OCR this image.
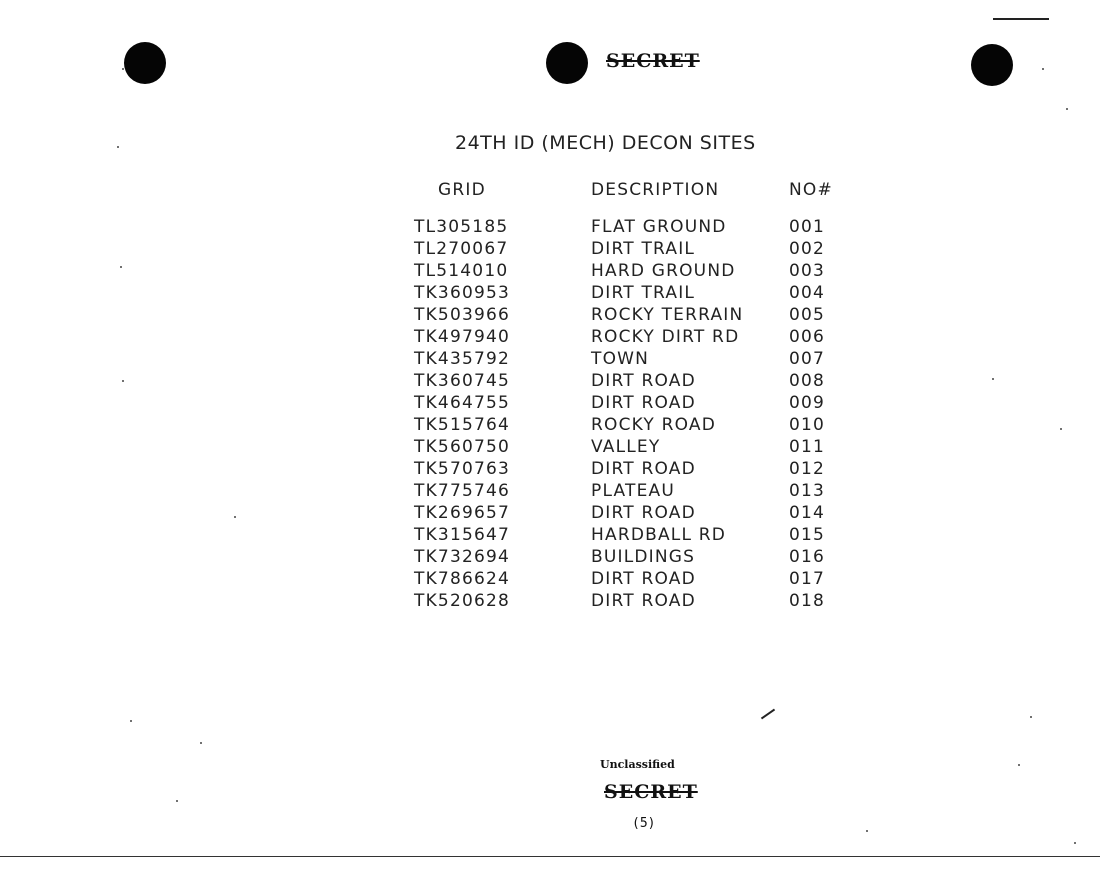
SECRET
24TH ID (MECH) DECON SITES
GRID	DESCRIPTION	NO#
TL305185	FLAT GROUND	001
TL270067	DIRT TRAIL	002
TL514010	HARD GROUND	003
TK360953	DIRT TRAIL	004
TK503966	ROCKY TERRAIN	005
TK497940	ROCKY DIRT RD	006
TK435792	TOWN	007
TK360745	DIRT ROAD	008
TK464755	DIRT ROAD	009
TK515764	ROCKY ROAD	010
TK560750	VALLEY	011
TK570763	DIRT ROAD	012
TK775746	PLATEAU	013
TK269657	DIRT ROAD	014
TK315647	HARDBALL RD	015
TK732694	BUILDINGS	016
TK786624	DIRT ROAD	017
TK520628	DIRT ROAD	018
Unclassified
SECRET
(5)
